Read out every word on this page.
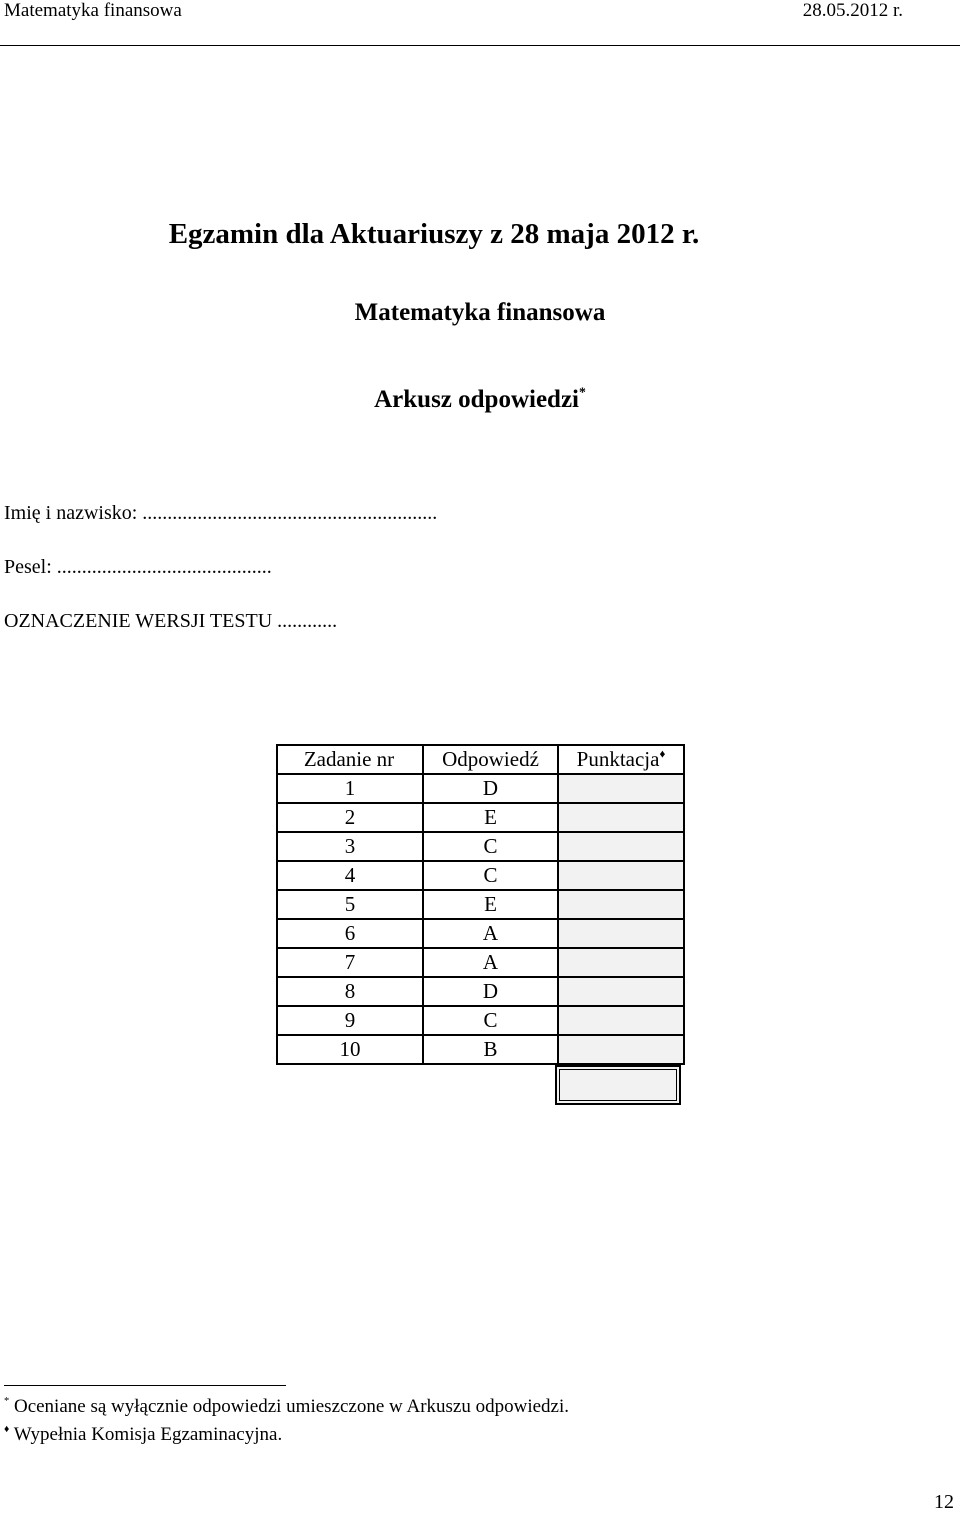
Matematyka finansowa	28.05.2012 r.
Egzamin dla Aktuariuszy z 28 maja 2012 r.
Matematyka finansowa
Arkusz odpowiedzi*
Imię i nazwisko: ...........................................................
Pesel: ...........................................
OZNACZENIE WERSJI TESTU ............
Zadanie nr	Odpowiedź	Punktacja♦
1	D	
2	E	
3	C	
4	C	
5	E	
6	A	
7	A	
8	D	
9	C	
10	B	
* Oceniane są wyłącznie odpowiedzi umieszczone w Arkuszu odpowiedzi.
♦ Wypełnia Komisja Egzaminacyjna.
12
